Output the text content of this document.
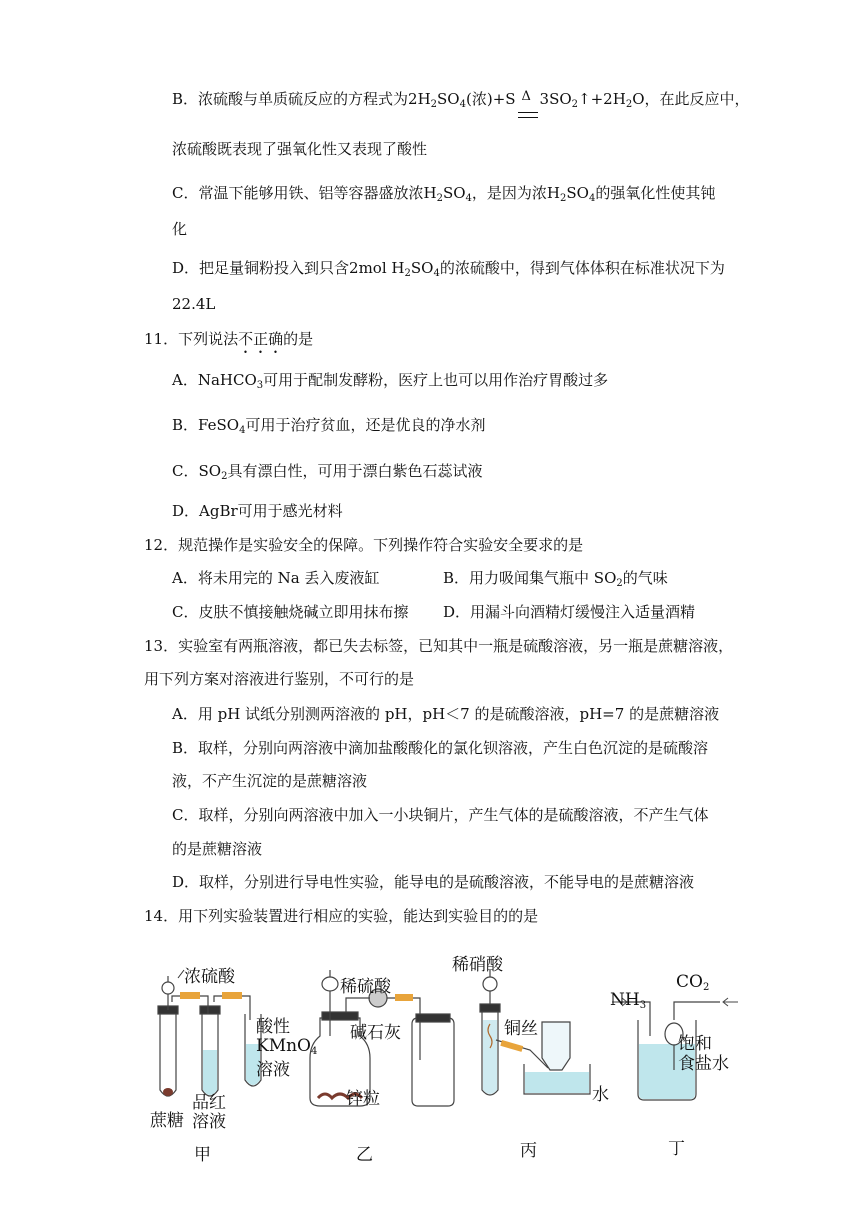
B．浓硫酸与单质硫反应的方程式为$2H_2SO_4$(浓)+S Δ $3SO_2↑+2H_2O$，在此反应中，
浓硫酸既表现了强氧化性又表现了酸性
C．常温下能够用铁、铝等容器盛放浓$H_2SO_4$，是因为浓$H_2SO_4$的强氧化性使其钝
化
D．把足量铜粉投入到只含2mol $H_2SO_4$的浓硫酸中，得到气体体积在标准状况下为
22.4L
11．下列说法不正确的是
A．NaHCO$_3$可用于配制发酵粉，医疗上也可以用作治疗胃酸过多
B．FeSO$_4$可用于治疗贫血，还是优良的净水剂
C．$SO_2$具有漂白性，可用于漂白紫色石蕊试液
D．AgBr可用于感光材料
12．规范操作是实验安全的保障。下列操作符合实验安全要求的是
A．将未用完的 Na 丢入废液缸	B．用力吸闻集气瓶中 $SO_2$的气味
C．皮肤不慎接触烧碱立即用抹布擦 D．用漏斗向酒精灯缓慢注入适量酒精
13．实验室有两瓶溶液，都已失去标签，已知其中一瓶是硫酸溶液，另一瓶是蔗糖溶液，
用下列方案对溶液进行鉴别，不可行的是
A．用 pH 试纸分别测两溶液的 pH，pH＜7 的是硫酸溶液，pH=7 的是蔗糖溶液
B．取样，分别向两溶液中滴加盐酸酸化的氯化钡溶液，产生白色沉淀的是硫酸溶
液，不产生沉淀的是蔗糖溶液
C．取样，分别向两溶液中加入一小块铜片，产生气体的是硫酸溶液，不产生气体
的是蔗糖溶液
D．取样，分别进行导电性实验，能导电的是硫酸溶液，不能导电的是蔗糖溶液
14．用下列实验装置进行相应的实验，能达到实验目的的是
浓硫酸
酸性
KMnO$_4$
溶液
蔗糖
品红
溶液
甲
稀硫酸
碱石灰
锌粒
乙
稀硝酸
铜丝
水
丙
$NH_3$
$CO_2$
饱和
食盐水
丁
